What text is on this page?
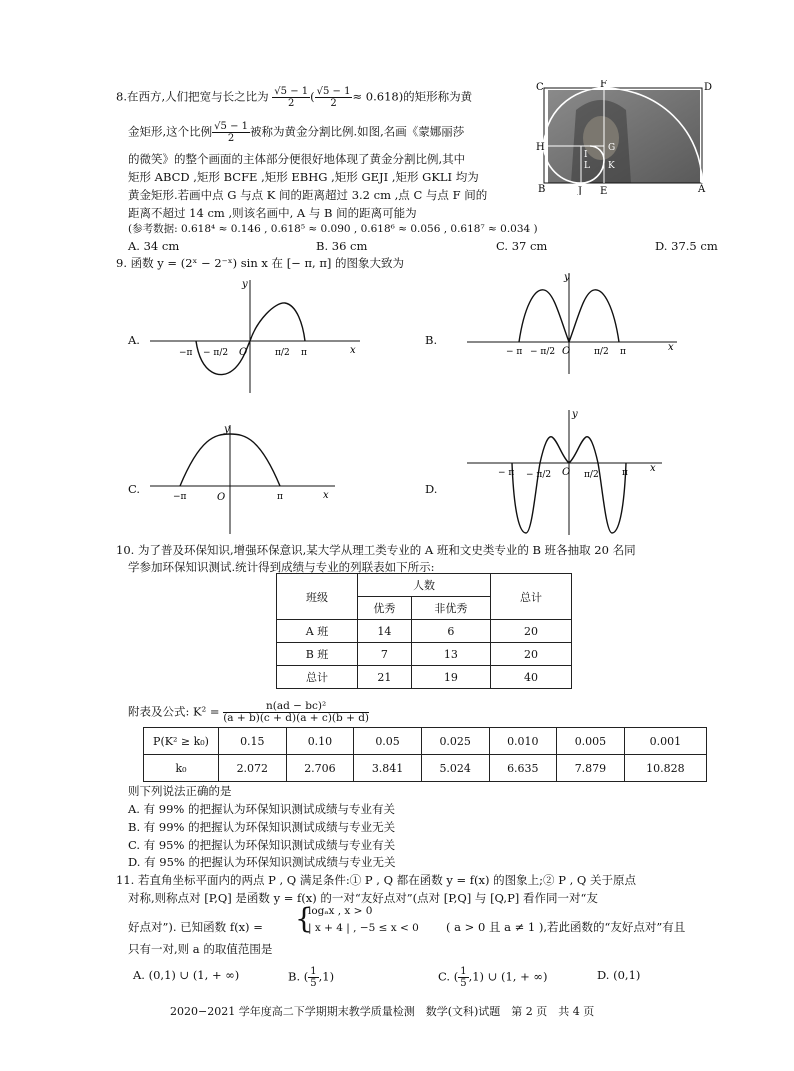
8.在西方,人们把宽与长之比为 $\frac{√5 - 1}{2}$ ( $\frac{√5 - 1}{2} \approx 0.618$)的矩形称为黄
金矩形,这个比例 $\frac{√5 - 1}{2}$ 被称为黄金分割比例.如图,名画《蒙娜丽莎
的微笑》的整个画面的主体部分便很好地体现了黄金分割比例,其中
矩形 ABCD ,矩形 BCFE ,矩形 EBHG ,矩形 GEJI ,矩形 GKLI 均为
黄金矩形.若画中点 G 与点 K 间的距离超过 3.2 cm ,点 C 与点 F 间的
距离不超过 14 cm ,则该名画中, A 与 B 间的距离可能为
(参考数据: 0.618⁴ ≈ 0.146 , 0.618⁵ ≈ 0.090 , 0.618⁶ ≈ 0.056 , 0.618⁷ ≈ 0.034 )
A. 34 cm	B. 36 cm	C. 37 cm	D. 37.5 cm
C	F	D
H	G
I
L K
B	J E	A
9. 函数 y = (2ˣ − 2⁻ˣ) sin x 在 [− π, π] 的图象大致为
A.
y
−π − π/2 O	π/2 π	x
B.
y
− π − π/2 O	π/2 π	x
C.
y
−π	O	π	x	D.
y
− π − π/2 O π/2	π x
10. 为了普及环保知识,增强环保意识,某大学从理工类专业的 A 班和文史类专业的 B 班各抽取 20 名同
学参加环保知识测试.统计得到成绩与专业的列联表如下所示:
班级	人数		总计
	优秀	非优秀	
A 班	14	6	20
B 班	7	13	20
总计	21	19	40
附表及公式: $K^2 = \frac{\text{n(ad − bc)²}}{(a + b)(c + d)(a + c)(b + d)}$
P(K² ≥ k₀)	0.15	0.10	0.05	0.025	0.010	0.005	0.001
k₀	2.072	2.706	3.841	5.024	6.635	7.879	10.828
则下列说法正确的是
A. 有 99% 的把握认为环保知识测试成绩与专业有关
B. 有 99% 的把握认为环保知识测试成绩与专业无关
C. 有 95% 的把握认为环保知识测试成绩与专业有关
D. 有 95% 的把握认为环保知识测试成绩与专业无关
11. 若直角坐标平面内的两点 P , Q 满足条件:① P , Q 都在函数 y = f(x) 的图象上;② P , Q 关于原点
对称,则称点对 [P,Q] 是函数 y = f(x) 的一对“友好点对”(点对 [P,Q] 与 [Q,P] 看作同一对“友
好点对”). 已知函数 f(x) = {
logₐx , x > 0
| x + 4 | , −5 ≤ x < 0 ( a > 0 且 a ≠ 1 ),若此函数的“友好点对”有且
只有一对,则 a 的取值范围是
A. (0,1) ∪ (1, + ∞)	B. ( $\frac{1}{5} ,1$)	C. ( $\frac{1}{5} ,1$) ∪ (1, + ∞)	D. (0,1)
2020−2021 学年度高二下学期期末教学质量检测　数学(文科)试题　第 2 页　共 4 页
